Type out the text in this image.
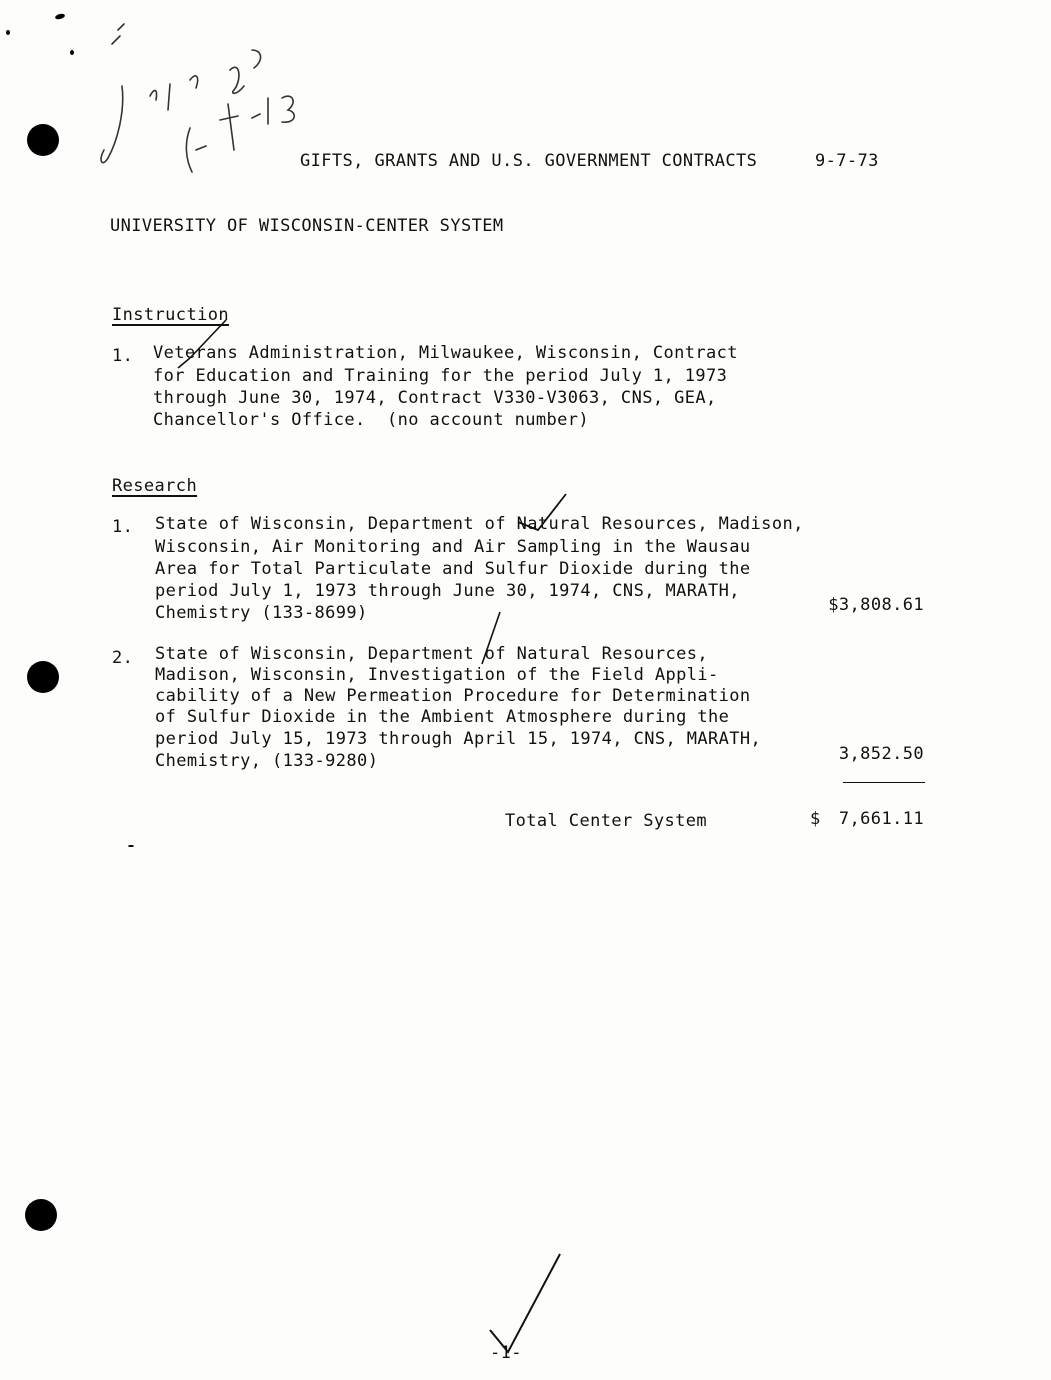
GIFTS, GRANTS AND U.S. GOVERNMENT CONTRACTS	9-7-73
UNIVERSITY OF WISCONSIN-CENTER SYSTEM
Instruction
1. Veterans Administration, Milwaukee, Wisconsin, Contract
for Education and Training for the period July 1, 1973
through June 30, 1974, Contract V330-V3063, CNS, GEA,
Chancellor's Office.  (no account number)
Research
1. State of Wisconsin, Department of Natural Resources, Madison,
Wisconsin, Air Monitoring and Air Sampling in the Wausau
Area for Total Particulate and Sulfur Dioxide during the
period July 1, 1973 through June 30, 1974, CNS, MARATH,
Chemistry (133-8699)	$3,808.61
2. State of Wisconsin, Department of Natural Resources,
Madison, Wisconsin, Investigation of the Field Appli-
cability of a New Permeation Procedure for Determination
of Sulfur Dioxide in the Ambient Atmosphere during the
period July 15, 1973 through April 15, 1974, CNS, MARATH,
Chemistry, (133-9280)	3,852.50
Total Center System	$	7,661.11
-1-
